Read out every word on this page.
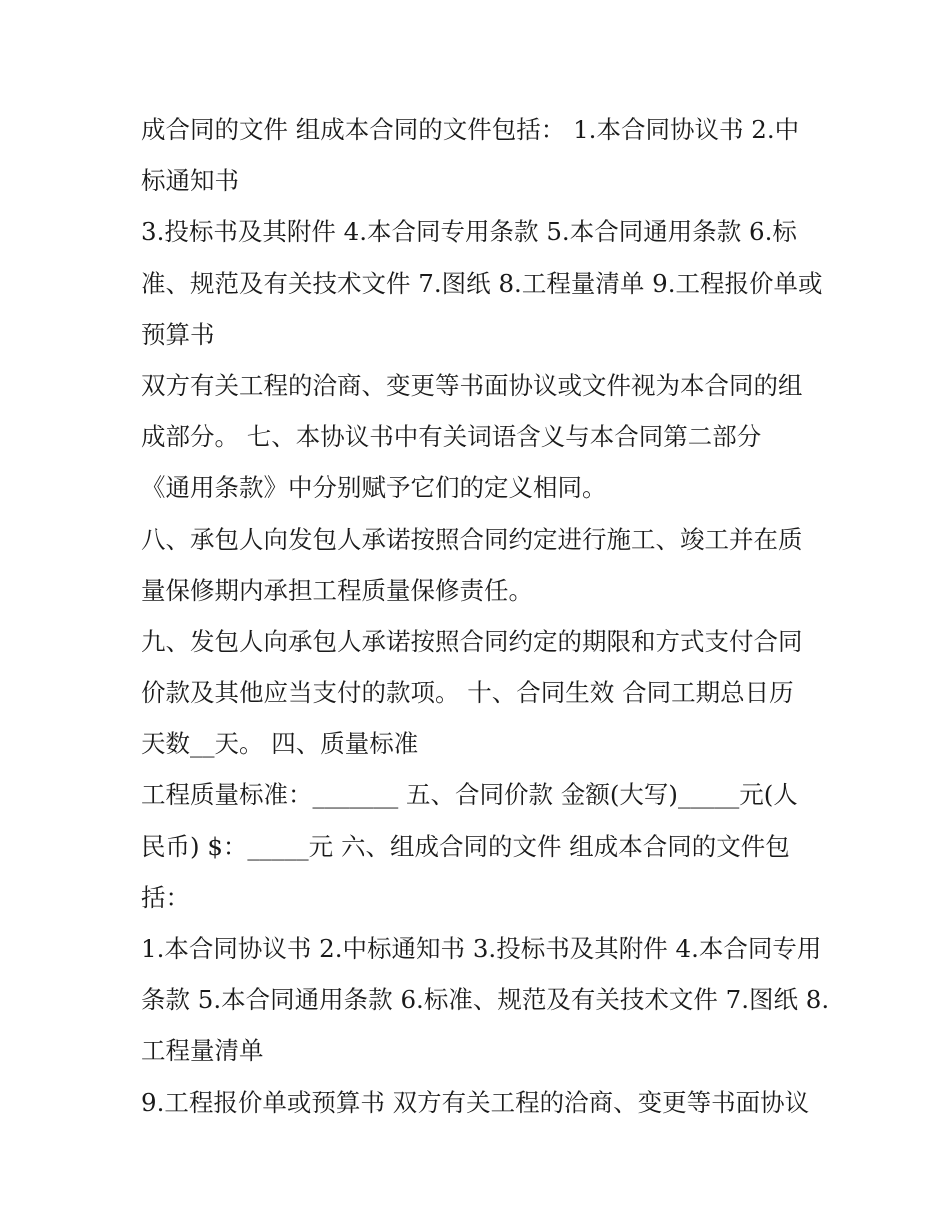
成合同的文件 组成本合同的文件包括： 1.本合同协议书 2.中
标通知书
3.投标书及其附件 4.本合同专用条款 5.本合同通用条款 6.标
准、规范及有关技术文件 7.图纸 8.工程量清单 9.工程报价单或
预算书
双方有关工程的洽商、变更等书面协议或文件视为本合同的组
成部分。 七、本协议书中有关词语含义与本合同第二部分
《通用条款》中分别赋予它们的定义相同。
八、承包人向发包人承诺按照合同约定进行施工、竣工并在质
量保修期内承担工程质量保修责任。
九、发包人向承包人承诺按照合同约定的期限和方式支付合同
价款及其他应当支付的款项。 十、合同生效 合同工期总日历
天数__天。 四、质量标准
工程质量标准：_______ 五、合同价款 金额(大写)_____元(人
民币) $：_____元 六、组成合同的文件 组成本合同的文件包
括：
1.本合同协议书 2.中标通知书 3.投标书及其附件 4.本合同专用
条款 5.本合同通用条款 6.标准、规范及有关技术文件 7.图纸 8.
工程量清单
9.工程报价单或预算书 双方有关工程的洽商、变更等书面协议
